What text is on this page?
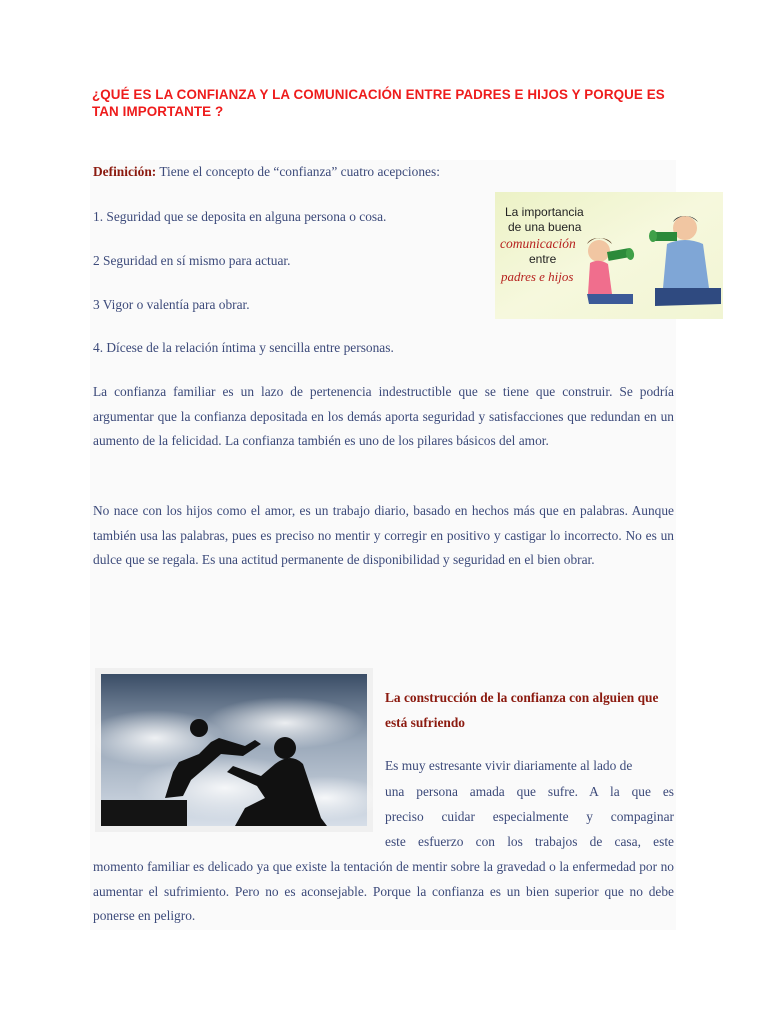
¿QUÉ ES LA CONFIANZA Y LA COMUNICACIÓN ENTRE PADRES E HIJOS Y PORQUE ES TAN IMPORTANTE ?

Definición: Tiene el concepto de “confianza” cuatro acepciones:

1. Seguridad que se deposita en alguna persona o cosa.

2 Seguridad en sí mismo para actuar.

3 Vigor o valentía para obrar.

4. Dícese de la relación íntima y sencilla entre personas.

La confianza familiar es un lazo de pertenencia indestructible que se tiene que construir. Se podría argumentar que la confianza depositada en los demás aporta seguridad y satisfacciones que redundan en un aumento de la felicidad. La confianza también es uno de los pilares básicos del amor.

No nace con los hijos como el amor, es un trabajo diario, basado en hechos más que en palabras. Aunque también usa las palabras, pues es preciso no mentir y corregir en positivo y castigar lo incorrecto. No es un dulce que se regala. Es una actitud permanente de disponibilidad y seguridad en el bien obrar.

La construcción de la confianza con alguien que está sufriendo

Es muy estresante vivir diariamente al lado de

una persona amada que sufre. A la que es

preciso cuidar especialmente y compaginar

este esfuerzo con los trabajos de casa, este

momento familiar es delicado ya que existe la tentación de mentir sobre la gravedad o la enfermedad por no aumentar el sufrimiento. Pero no es aconsejable. Porque la confianza es un bien superior que no debe ponerse en peligro.

La importancia
de una buena
comunicación
entre
padres e hijos
